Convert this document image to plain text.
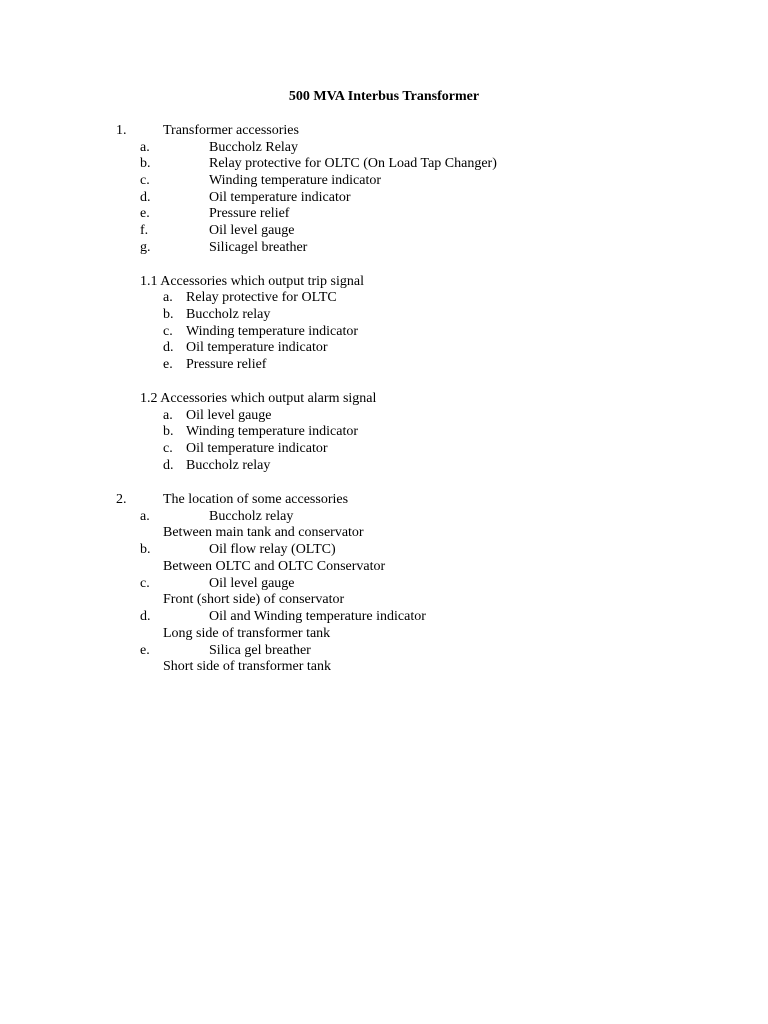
500 MVA Interbus Transformer
1.	Transformer accessories
a.	Buccholz Relay
b.	Relay protective for OLTC (On Load Tap Changer)
c.	Winding temperature indicator
d.	Oil temperature indicator
e.	Pressure relief
f.	Oil level gauge
g.	Silicagel breather
1.1 Accessories which output trip signal
a. Relay protective for OLTC
b. Buccholz relay
c. Winding temperature indicator
d. Oil temperature indicator
e. Pressure relief
1.2 Accessories which output alarm signal
a. Oil level gauge
b. Winding temperature indicator
c. Oil temperature indicator
d. Buccholz relay
2.	The location of some accessories
a.	Buccholz relay
Between main tank and conservator
b.	Oil flow relay (OLTC)
Between OLTC and OLTC Conservator
c.	Oil level gauge
Front (short side) of conservator
d.	Oil and Winding temperature indicator
Long side of transformer tank
e.	Silica gel breather
Short side of transformer tank
